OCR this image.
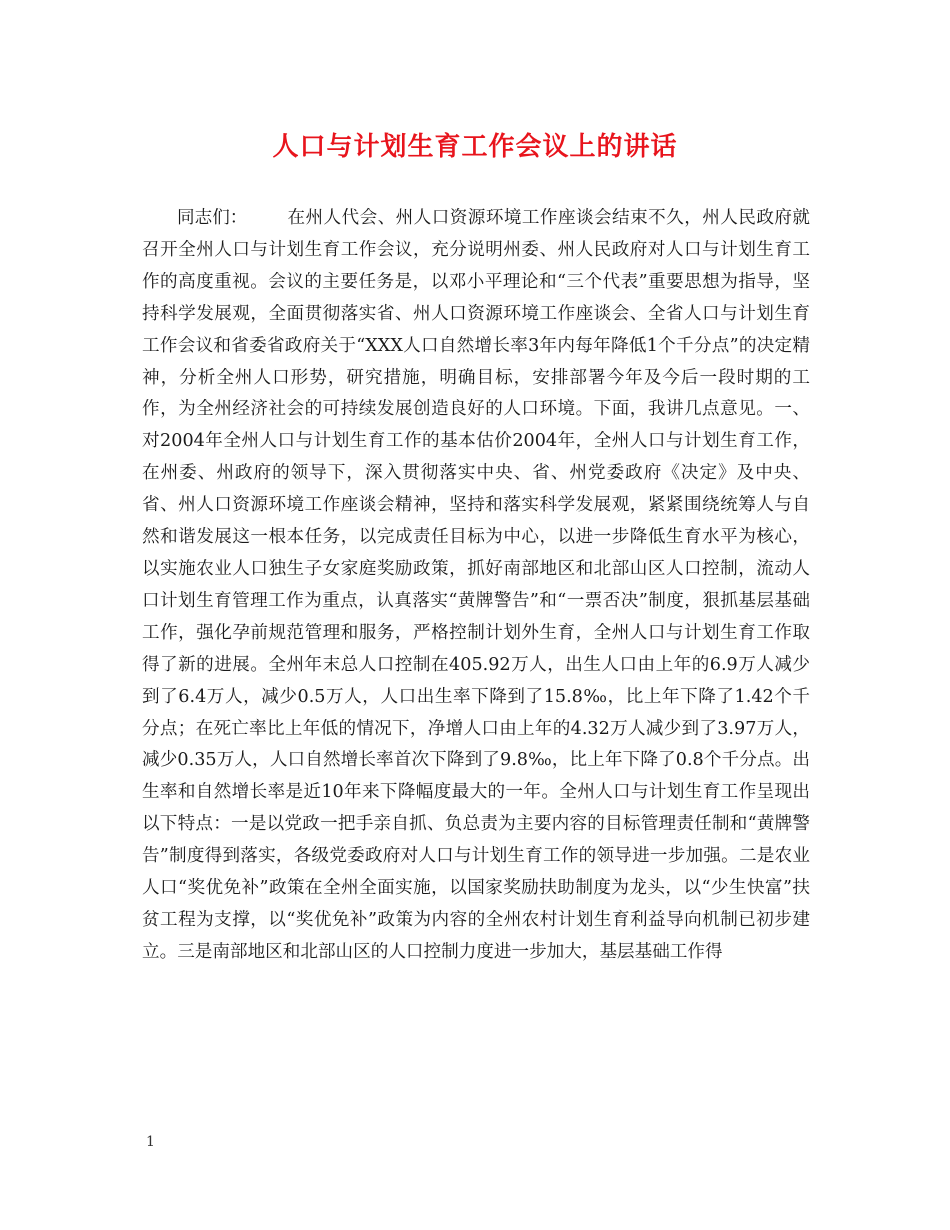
人口与计划生育工作会议上的讲话

同志们： 在州人代会、州人口资源环境工作座谈会结束不久，州人民政府就召开全州人口与计划生育工作会议，充分说明州委、州人民政府对人口与计划生育工作的高度重视。会议的主要任务是，以邓小平理论和“三个代表”重要思想为指导，坚持科学发展观，全面贯彻落实省、州人口资源环境工作座谈会、全省人口与计划生育工作会议和省委省政府关于“XXX人口自然增长率3年内每年降低1个千分点”的决定精神，分析全州人口形势，研究措施，明确目标，安排部署今年及今后一段时期的工作，为全州经济社会的可持续发展创造良好的人口环境。下面，我讲几点意见。一、对2004年全州人口与计划生育工作的基本估价2004年，全州人口与计划生育工作，在州委、州政府的领导下，深入贯彻落实中央、省、州党委政府《决定》及中央、省、州人口资源环境工作座谈会精神，坚持和落实科学发展观，紧紧围绕统筹人与自然和谐发展这一根本任务，以完成责任目标为中心，以进一步降低生育水平为核心，以实施农业人口独生子女家庭奖励政策，抓好南部地区和北部山区人口控制，流动人口计划生育管理工作为重点，认真落实“黄牌警告”和“一票否决”制度，狠抓基层基础工作，强化孕前规范管理和服务，严格控制计划外生育，全州人口与计划生育工作取得了新的进展。全州年末总人口控制在405.92万人，出生人口由上年的6.9万人减少到了6.4万人，减少0.5万人，人口出生率下降到了15.8‰，比上年下降了1.42个千分点；在死亡率比上年低的情况下，净增人口由上年的4.32万人减少到了3.97万人，减少0.35万人，人口自然增长率首次下降到了9.8‰，比上年下降了0.8个千分点。出生率和自然增长率是近10年来下降幅度最大的一年。全州人口与计划生育工作呈现出以下特点：一是以党政一把手亲自抓、负总责为主要内容的目标管理责任制和“黄牌警告”制度得到落实，各级党委政府对人口与计划生育工作的领导进一步加强。二是农业人口“奖优免补”政策在全州全面实施，以国家奖励扶助制度为龙头，以“少生快富”扶贫工程为支撑，以“奖优免补”政策为内容的全州农村计划生育利益导向机制已初步建立。三是南部地区和北部山区的人口控制力度进一步加大，基层基础工作得

1
